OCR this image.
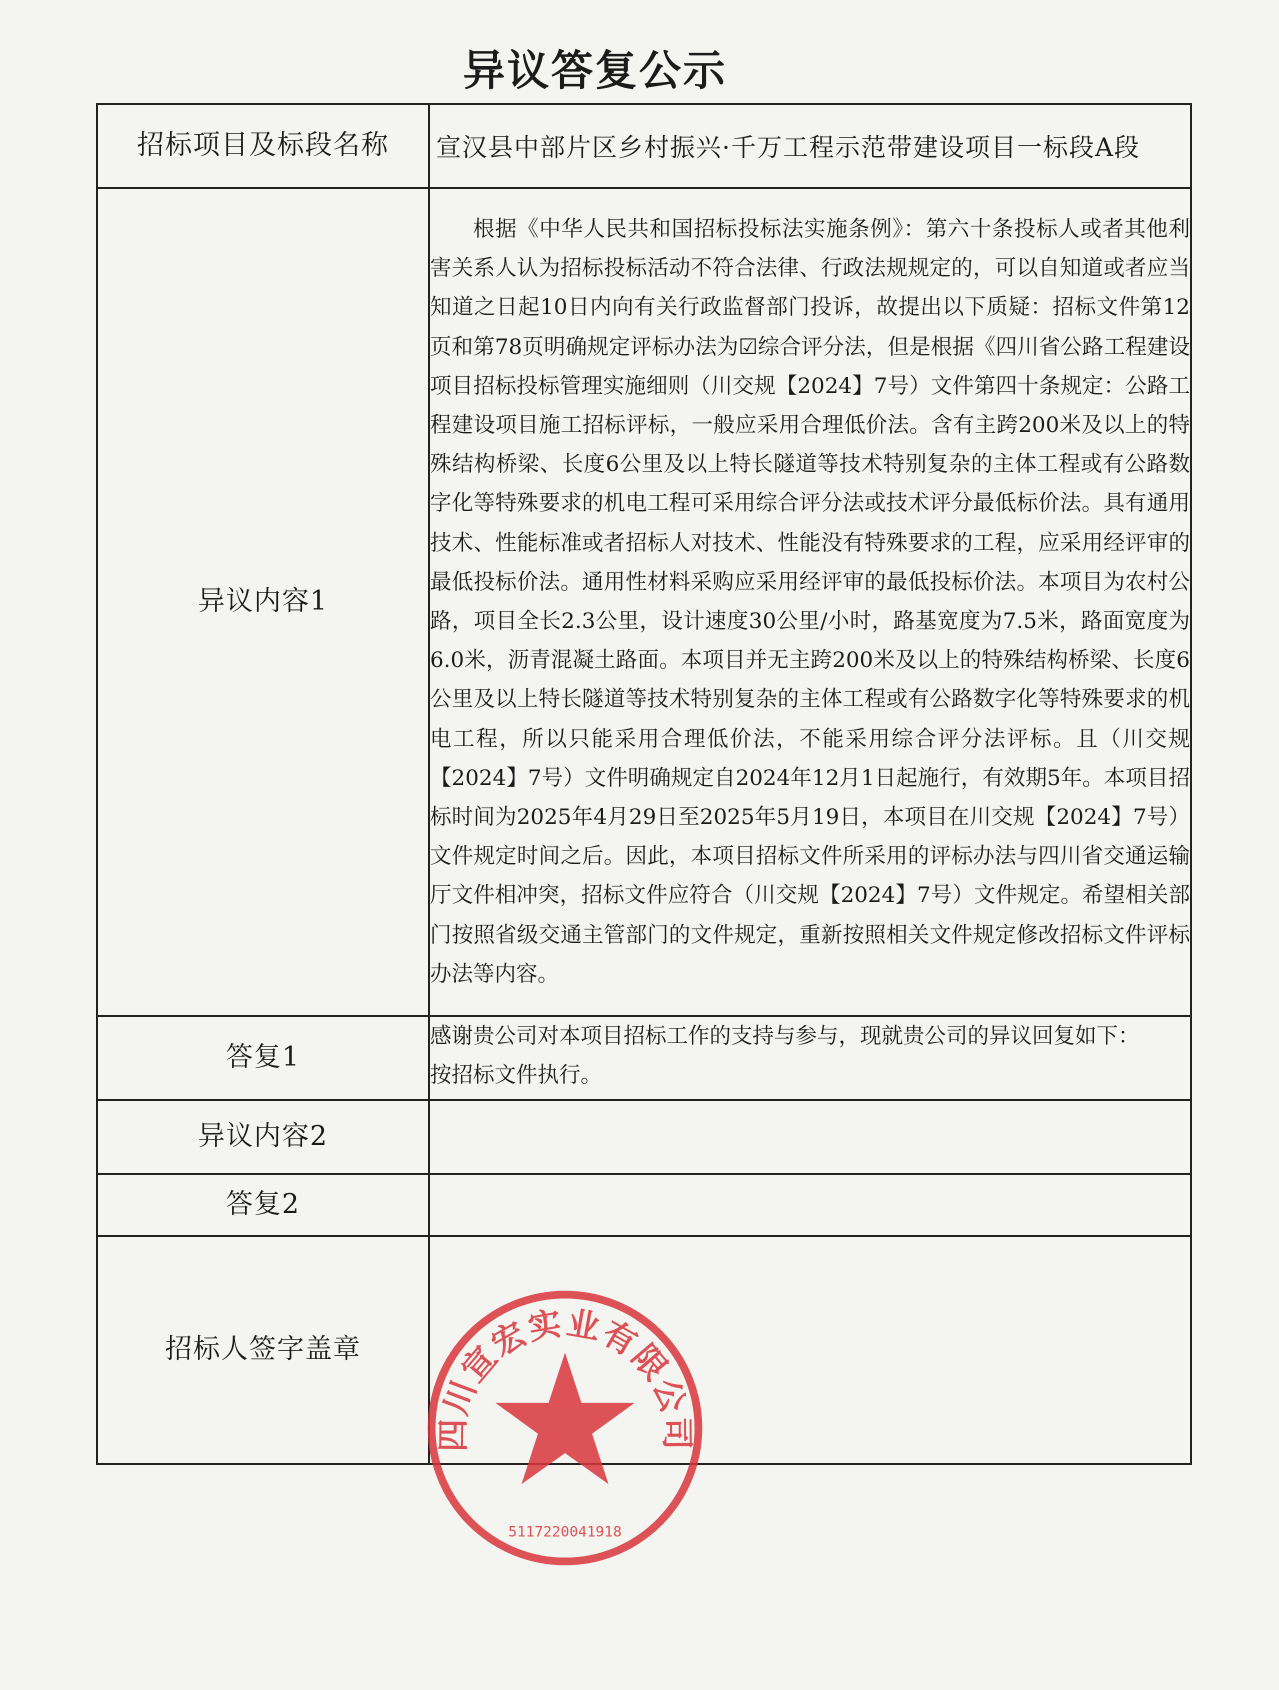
异议答复公示
招标项目及标段名称	宣汉县中部片区乡村振兴·千万工程示范带建设项目一标段A段

异议内容1	根据《中华人民共和国招标投标法实施条例》：第六十条投标人或者其他利害关系人认为招标投标活动不符合法律、行政法规规定的，可以自知道或者应当知道之日起10日内向有关行政监督部门投诉，故提出以下质疑：招标文件第12页和第78页明确规定评标办法为☑综合评分法，但是根据《四川省公路工程建设项目招标投标管理实施细则（川交规【2024】7号）文件第四十条规定：公路工程建设项目施工招标评标，一般应采用合理低价法。含有主跨200米及以上的特殊结构桥梁、长度6公里及以上特长隧道等技术特别复杂的主体工程或有公路数字化等特殊要求的机电工程可采用综合评分法或技术评分最低标价法。具有通用技术、性能标准或者招标人对技术、性能没有特殊要求的工程，应采用经评审的最低投标价法。通用性材料采购应采用经评审的最低投标价法。本项目为农村公路，项目全长2.3公里，设计速度30公里/小时，路基宽度为7.5米，路面宽度为6.0米，沥青混凝土路面。本项目并无主跨200米及以上的特殊结构桥梁、长度6公里及以上特长隧道等技术特别复杂的主体工程或有公路数字化等特殊要求的机电工程，所以只能采用合理低价法，不能采用综合评分法评标。且（川交规【2024】7号）文件明确规定自2024年12月1日起施行，有效期5年。本项目招标时间为2025年4月29日至2025年5月19日，本项目在川交规【2024】7号）文件规定时间之后。因此，本项目招标文件所采用的评标办法与四川省交通运输厅文件相冲突，招标文件应符合（川交规【2024】7号）文件规定。希望相关部门按照省级交通主管部门的文件规定，重新按照相关文件规定修改招标文件评标办法等内容。

答复1	感谢贵公司对本项目招标工作的支持与参与，现就贵公司的异议回复如下：
按招标文件执行。

异议内容2	
答复2	
招标人签字盖章	
四川宣宏实业有限公司
5117220041918
